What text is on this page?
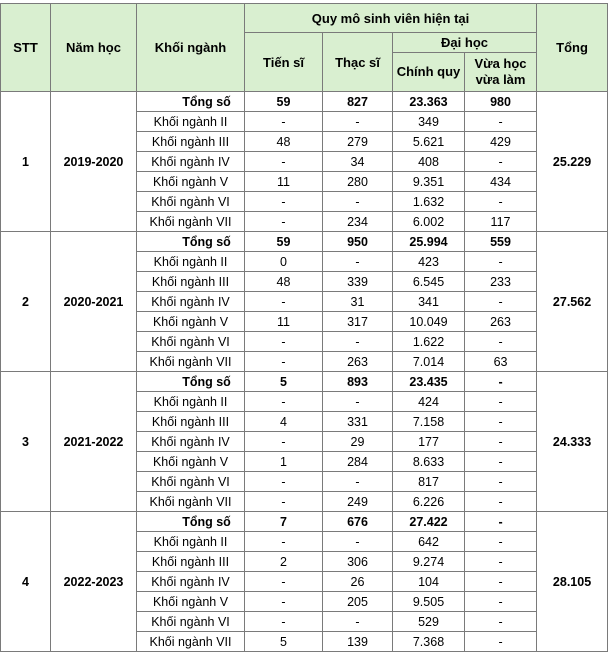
STT	Năm học	Khối ngành	Quy mô sinh viên hiện tại				Tổng
			Tiến sĩ	Thạc sĩ	Đại học		
					Chính quy	Vừa học
vừa làm	
1	2019-2020	Tổng số	59	827	23.363	980	25.229
		Khối ngành II	-	-	349	-	
		Khối ngành III	48	279	5.621	429	
		Khối ngành IV	-	34	408	-	
		Khối ngành V	11	280	9.351	434	
		Khối ngành VI	-	-	1.632	-	
		Khối ngành VII	-	234	6.002	117	
2	2020-2021	Tổng số	59	950	25.994	559	27.562
		Khối ngành II	0	-	423	-	
		Khối ngành III	48	339	6.545	233	
		Khối ngành IV	-	31	341	-	
		Khối ngành V	11	317	10.049	263	
		Khối ngành VI	-	-	1.622	-	
		Khối ngành VII	-	263	7.014	63	
3	2021-2022	Tổng số	5	893	23.435	-	24.333
		Khối ngành II	-	-	424	-	
		Khối ngành III	4	331	7.158	-	
		Khối ngành IV	-	29	177	-	
		Khối ngành V	1	284	8.633	-	
		Khối ngành VI	-	-	817	-	
		Khối ngành VII	-	249	6.226	-	
4	2022-2023	Tổng số	7	676	27.422	-	28.105
		Khối ngành II	-	-	642	-	
		Khối ngành III	2	306	9.274	-	
		Khối ngành IV	-	26	104	-	
		Khối ngành V	-	205	9.505	-	
		Khối ngành VI	-	-	529	-	
		Khối ngành VII	5	139	7.368	-	
